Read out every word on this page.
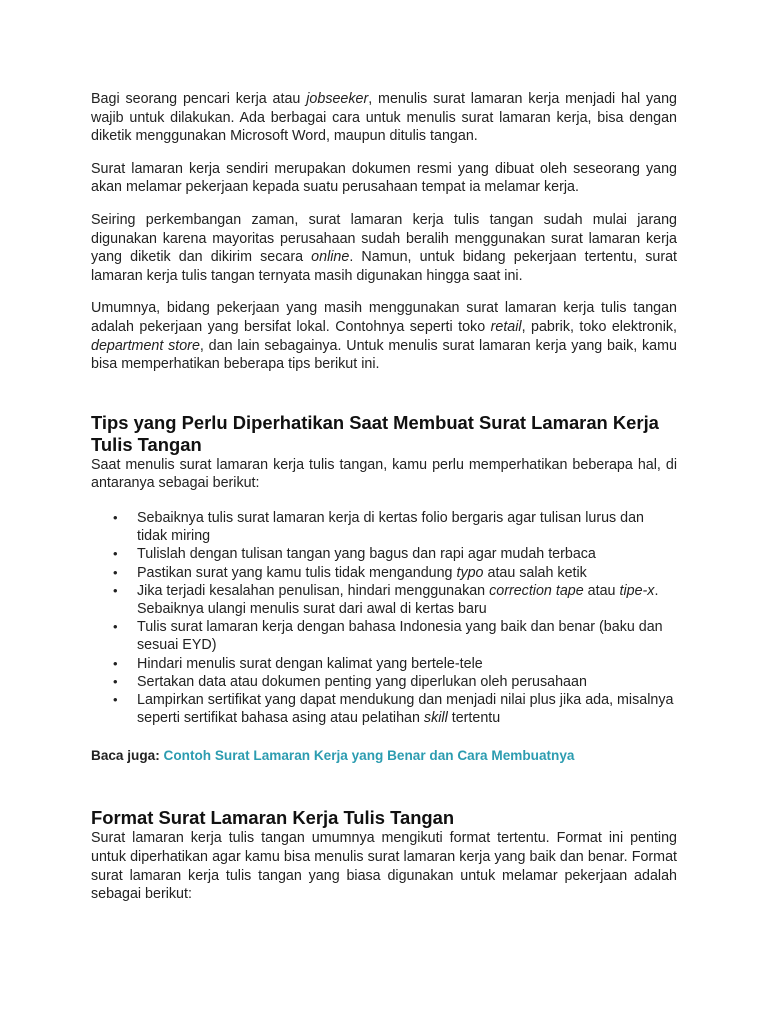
Bagi seorang pencari kerja atau jobseeker, menulis surat lamaran kerja menjadi hal yang wajib untuk dilakukan. Ada berbagai cara untuk menulis surat lamaran kerja, bisa dengan diketik menggunakan Microsoft Word, maupun ditulis tangan.

Surat lamaran kerja sendiri merupakan dokumen resmi yang dibuat oleh seseorang yang akan melamar pekerjaan kepada suatu perusahaan tempat ia melamar kerja.

Seiring perkembangan zaman, surat lamaran kerja tulis tangan sudah mulai jarang digunakan karena mayoritas perusahaan sudah beralih menggunakan surat lamaran kerja yang diketik dan dikirim secara online. Namun, untuk bidang pekerjaan tertentu, surat lamaran kerja tulis tangan ternyata masih digunakan hingga saat ini.

Umumnya, bidang pekerjaan yang masih menggunakan surat lamaran kerja tulis tangan adalah pekerjaan yang bersifat lokal. Contohnya seperti toko retail, pabrik, toko elektronik, department store, dan lain sebagainya. Untuk menulis surat lamaran kerja yang baik, kamu bisa memperhatikan beberapa tips berikut ini.

Tips yang Perlu Diperhatikan Saat Membuat Surat Lamaran Kerja Tulis Tangan

Saat menulis surat lamaran kerja tulis tangan, kamu perlu memperhatikan beberapa hal, di antaranya sebagai berikut:

• Sebaiknya tulis surat lamaran kerja di kertas folio bergaris agar tulisan lurus dan tidak miring
• Tulislah dengan tulisan tangan yang bagus dan rapi agar mudah terbaca
• Pastikan surat yang kamu tulis tidak mengandung typo atau salah ketik
• Jika terjadi kesalahan penulisan, hindari menggunakan correction tape atau tipe-x. Sebaiknya ulangi menulis surat dari awal di kertas baru
• Tulis surat lamaran kerja dengan bahasa Indonesia yang baik dan benar (baku dan sesuai EYD)
• Hindari menulis surat dengan kalimat yang bertele-tele
• Sertakan data atau dokumen penting yang diperlukan oleh perusahaan
• Lampirkan sertifikat yang dapat mendukung dan menjadi nilai plus jika ada, misalnya seperti sertifikat bahasa asing atau pelatihan skill tertentu

Baca juga: Contoh Surat Lamaran Kerja yang Benar dan Cara Membuatnya

Format Surat Lamaran Kerja Tulis Tangan

Surat lamaran kerja tulis tangan umumnya mengikuti format tertentu. Format ini penting untuk diperhatikan agar kamu bisa menulis surat lamaran kerja yang baik dan benar. Format surat lamaran kerja tulis tangan yang biasa digunakan untuk melamar pekerjaan adalah sebagai berikut:
